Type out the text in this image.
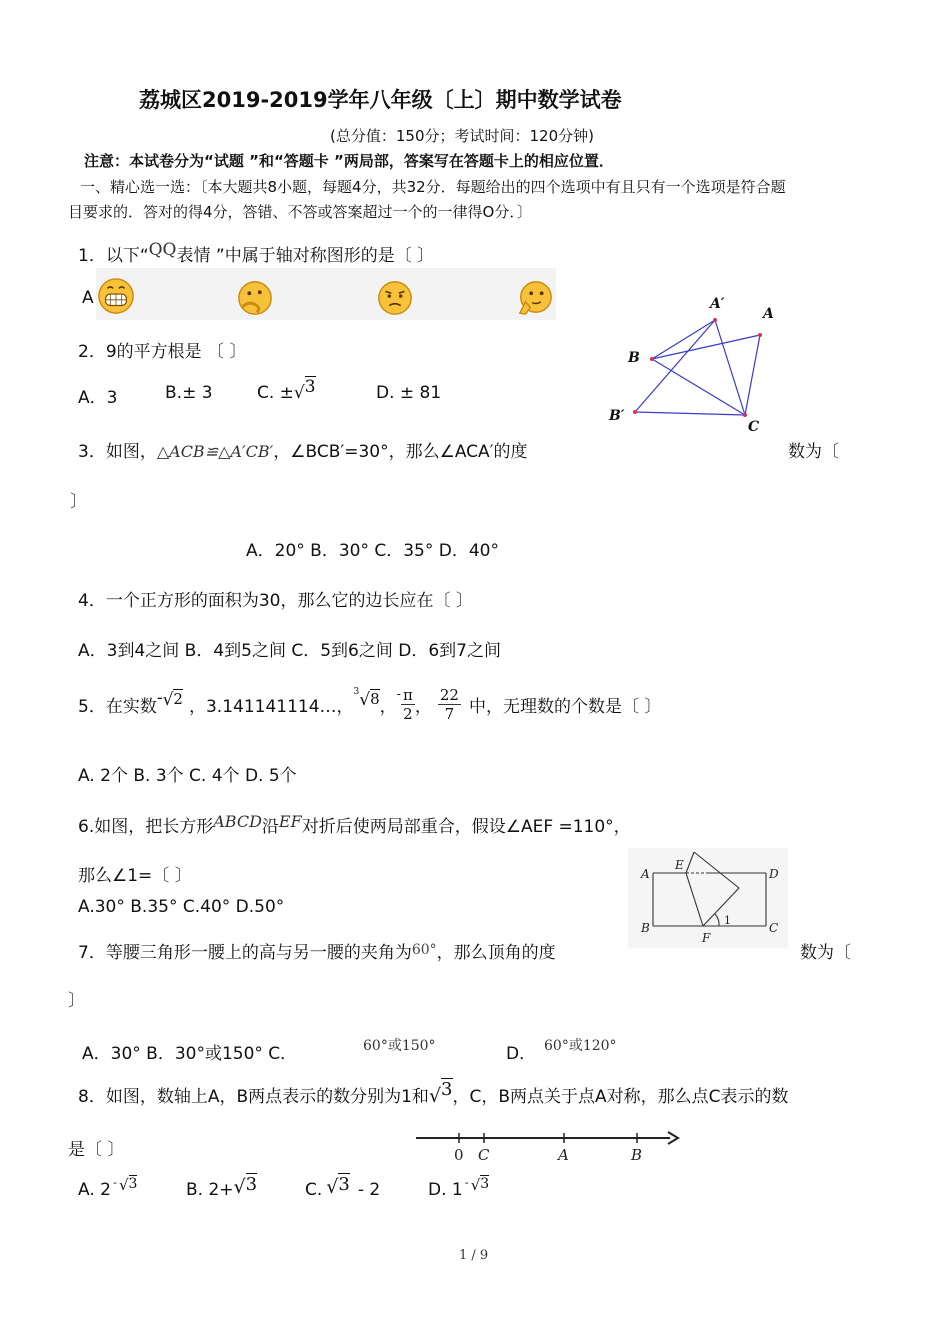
荔城区2019-2019学年八年级〔上〕期中数学试卷
(总分值：150分；考试时间：120分钟)
注意：本试卷分为“试题 ”和“答题卡 ”两局部，答案写在答题卡上的相应位置．
一、精心选一选：〔本大题共8小题，每题4分，共32分．每题给出的四个选项中有且只有一个选项是符合题
目要求的．答对的得4分，答错、不答或答案超过一个的一律得O分．〕
1．以下“QQ表情 ”中属于轴对称图形的是〔 〕
A	A′
A
B
B′
C
2．9的平方根是 〔 〕
A．3	B.± 3	C. ±√3	D. ± 81
3．如图，△ACB≌△A′CB′，∠BCB′=30°，那么∠ACA′的度	数为〔
〕
A．20° B．30° C．35° D．40°
4．一个正方形的面积为30，那么它的边长应在〔 〕
A．3到4之间 B．4到5之间 C．5到6之间 D．6到7之间
5．在实数 - √ 2 ，3.141141114…，
3 √ 8 ，
- $\frac{\pi}{2}$ ， $\frac{22}{7}$ 中，无理数的个数是〔 〕
A. 2个 B. 3个 C. 4个 D. 5个
6.如图，把长方形ABCD沿EF对折后使两局部重合，假设∠AEF =110°，
那么∠1=〔 〕
A.30° B.35° C.40° D.50°
A
E
D
B
F
C
1
7．等腰三角形一腰上的高与另一腰的夹角为$^{60^\circ}$，那么顶角的度	数为〔
〕
A．30° B．30°或150° C．	60°或150°	D． 60°或120°
8．如图，数轴上A，B两点表示的数分别为1和√3，C，B两点关于点A对称，那么点C表示的数
是〔 〕	0 C	A	B
A. 2 - √ 3	B. 2+ √ 3	C. √ 3 - 2	D. 1 - √ 3
1 / 9
